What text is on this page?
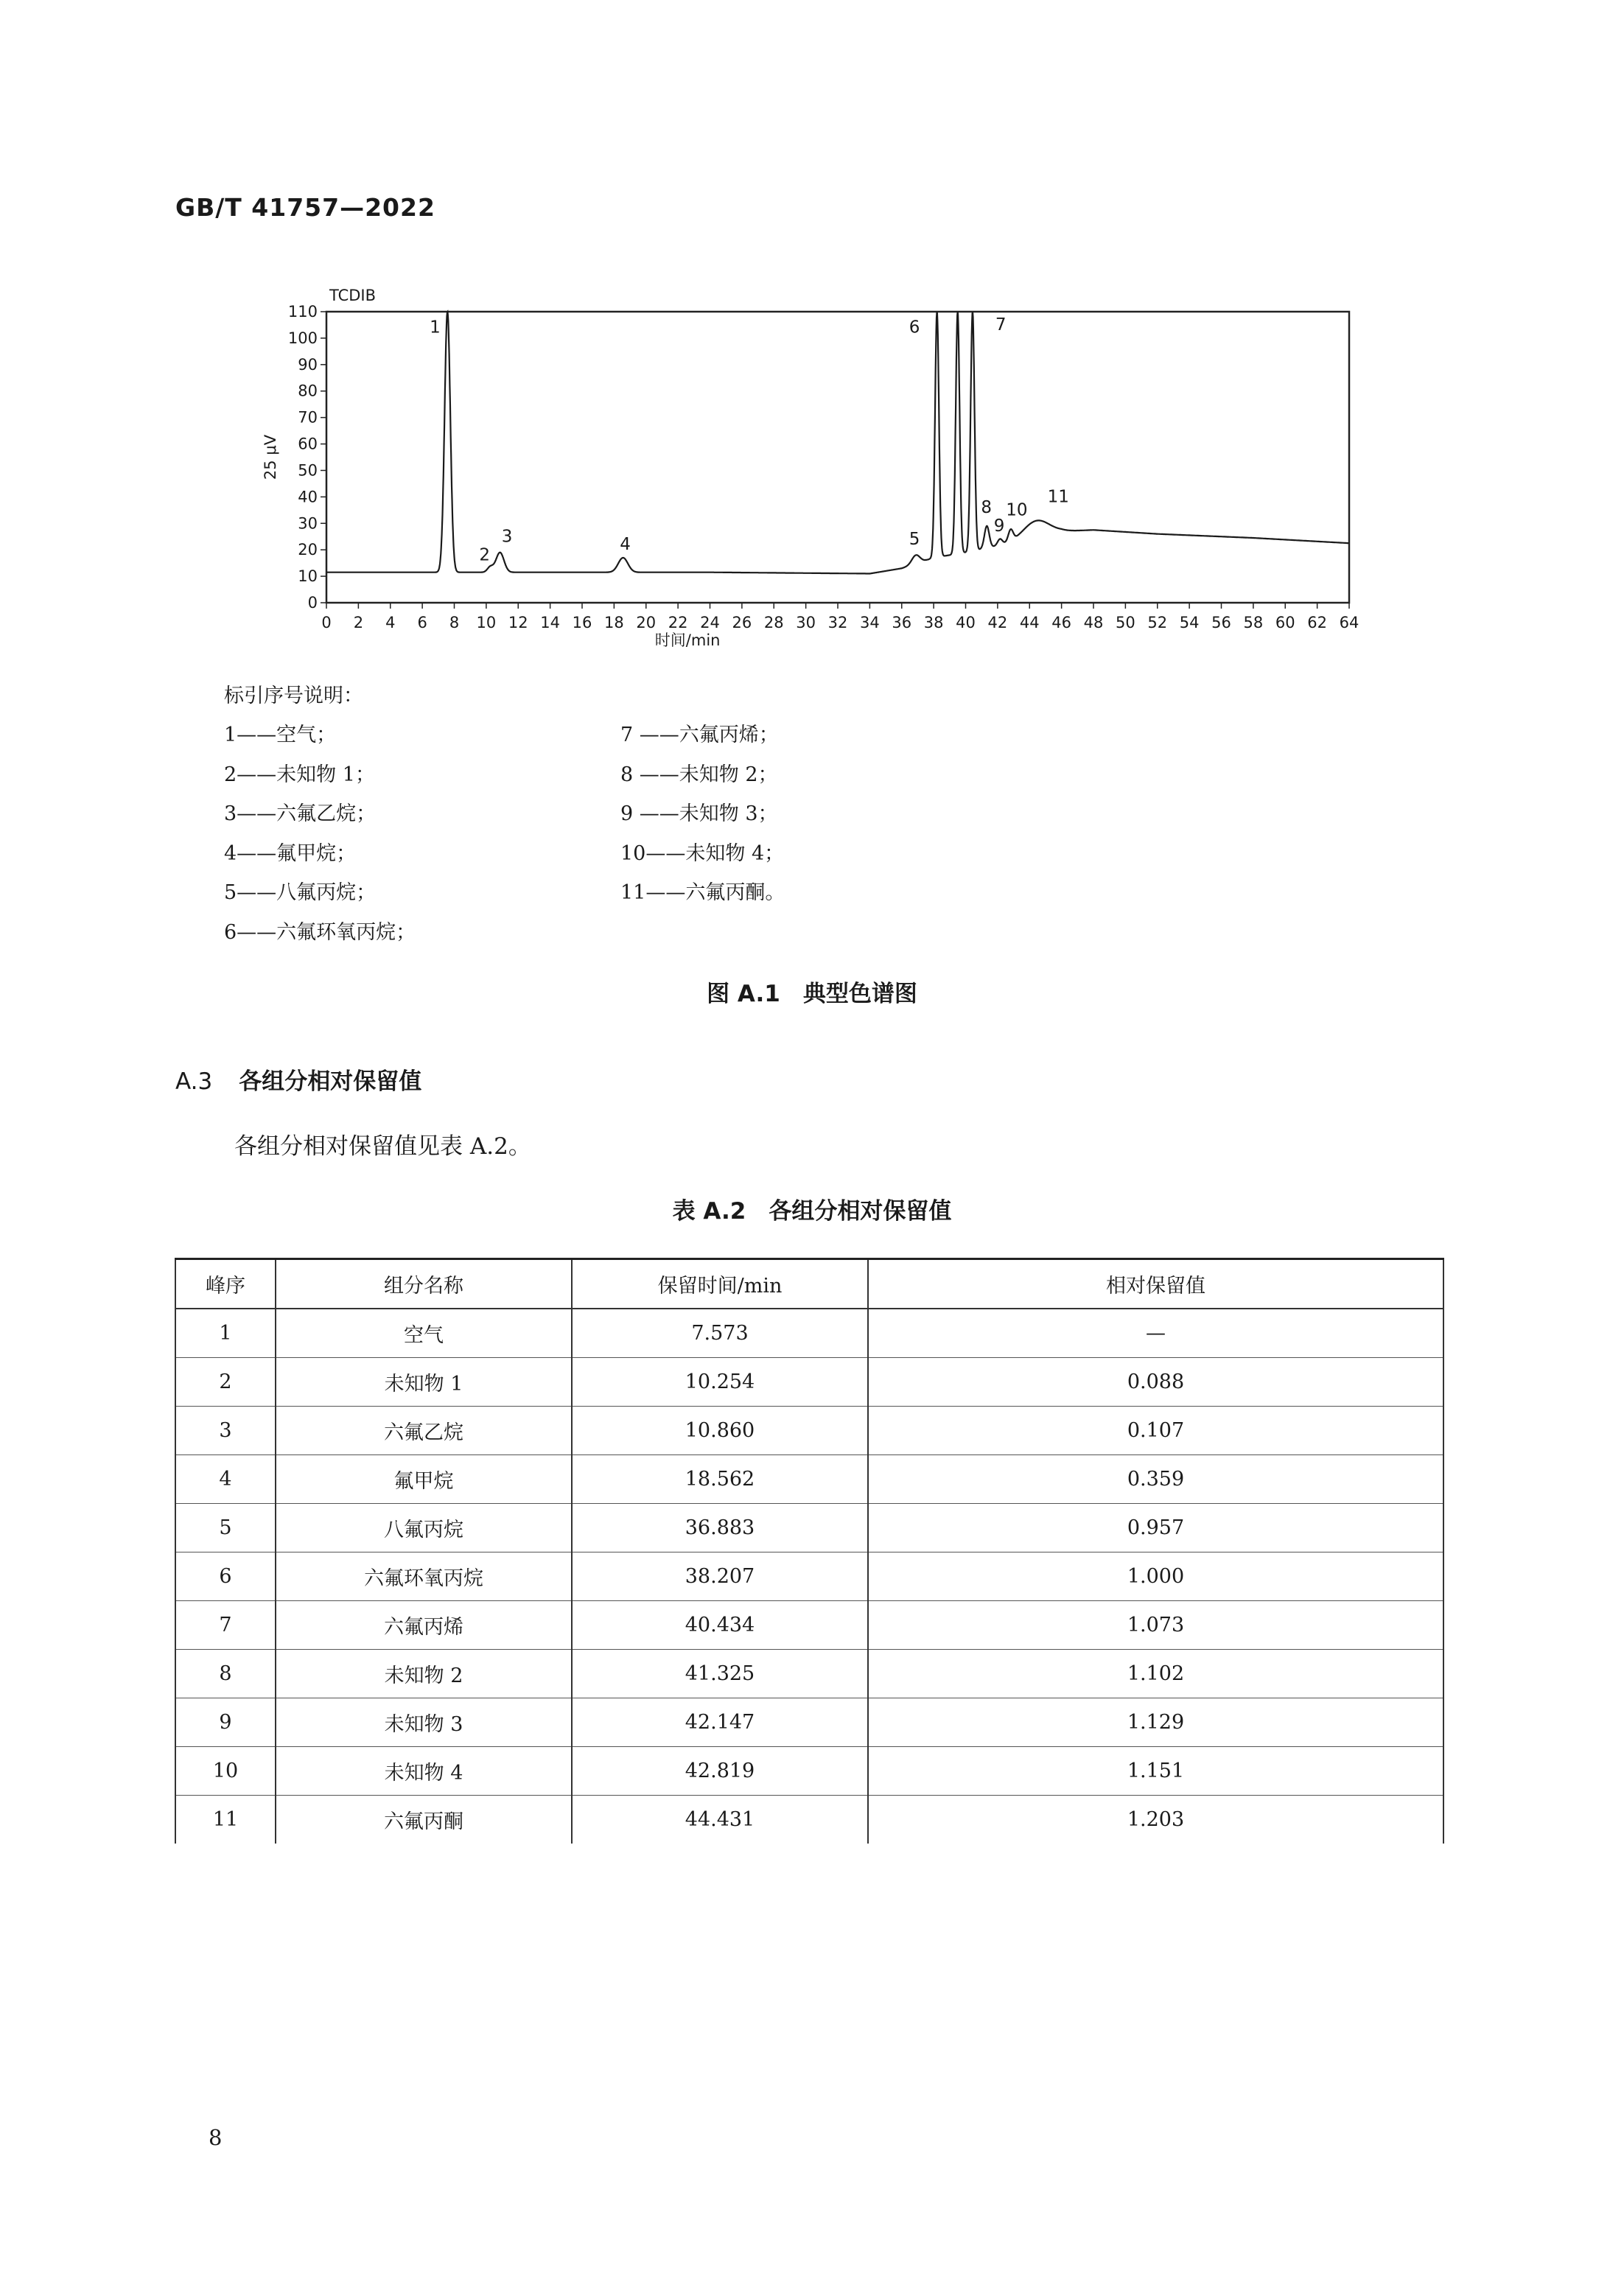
GB/T 41757—2022
0
10
20
30
40
50
60
70
80
90
100
110
0 2 4 6 8 10 12 14 16 18 20 22 24 26 28 30 32 34 36 38 40 42 44 46 48 50 52 54 56 58 60 62 64
TCDIB
25 μV
时间/min
1
2
3	4	5
6	7
8
9
10
11
标引序号说明：
1——空气；
2——未知物 1；
3——六氟乙烷；
4——氟甲烷；
5——八氟丙烷；
6——六氟环氧丙烷；
7 ——六氟丙烯；
8 ——未知物 2；
9 ——未知物 3；
10——未知物 4；
11——六氟丙酮。
图 A.1　典型色谱图
A.3 各组分相对保留值
各组分相对保留值见表 A.2。
表 A.2　各组分相对保留值
峰序	组分名称	保留时间/min	相对保留值
1	空气	7.573	—
2	未知物 1	10.254	0.088
3	六氟乙烷	10.860	0.107
4	氟甲烷	18.562	0.359
5	八氟丙烷	36.883	0.957
6	六氟环氧丙烷	38.207	1.000
7	六氟丙烯	40.434	1.073
8	未知物 2	41.325	1.102
9	未知物 3	42.147	1.129
10	未知物 4	42.819	1.151
11	六氟丙酮	44.431	1.203
8
